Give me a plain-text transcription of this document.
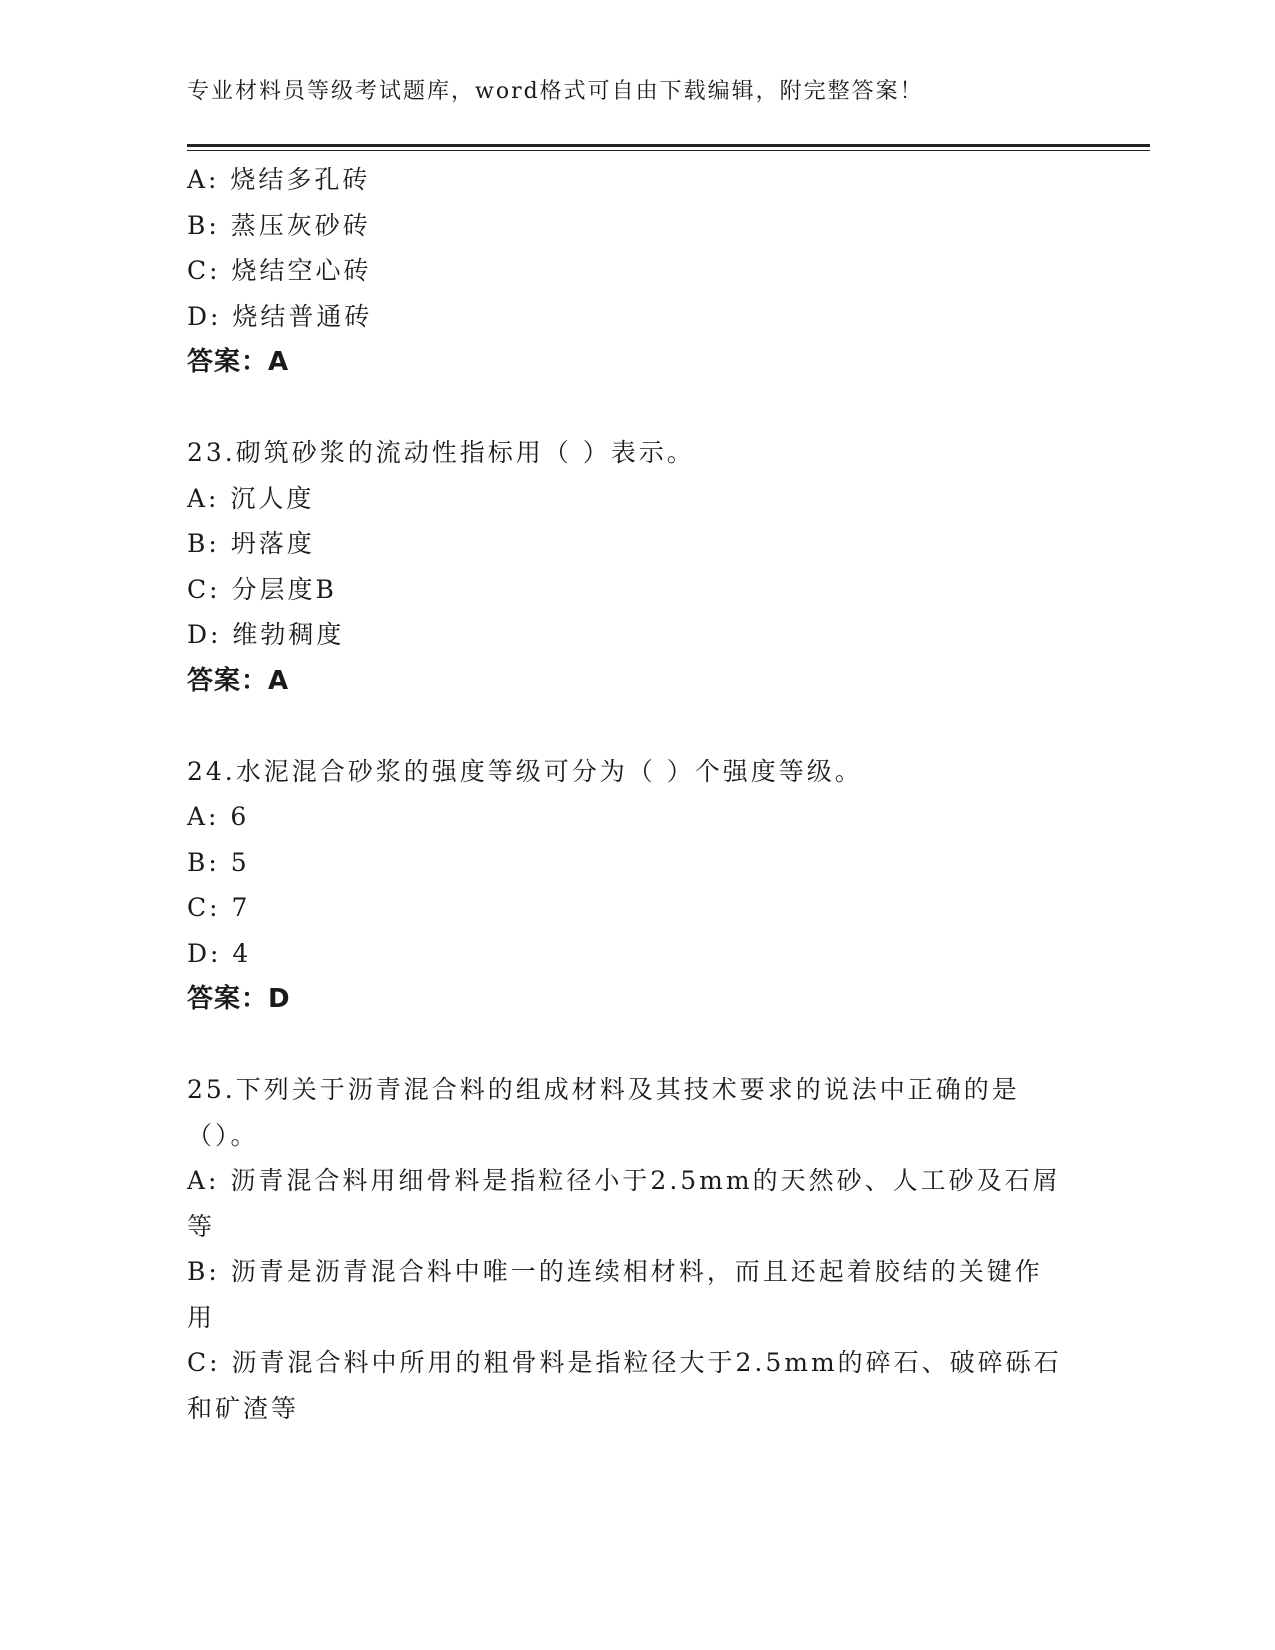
专业材料员等级考试题库，word格式可自由下载编辑，附完整答案！
A: 烧结多孔砖
B: 蒸压灰砂砖
C: 烧结空心砖
D: 烧结普通砖
答案：A
23.砌筑砂浆的流动性指标用（ ）表示。
A: 沉人度
B: 坍落度
C: 分层度B
D: 维勃稠度
答案：A
24.水泥混合砂浆的强度等级可分为（ ）个强度等级。
A: 6
B: 5
C: 7
D: 4
答案：D
25.下列关于沥青混合料的组成材料及其技术要求的说法中正确的是（）。
A: 沥青混合料用细骨料是指粒径小于2.5mm的天然砂、人工砂及石屑等
B: 沥青是沥青混合料中唯一的连续相材料，而且还起着胶结的关键作用
C: 沥青混合料中所用的粗骨料是指粒径大于2.5mm的碎石、破碎砾石和矿渣等
